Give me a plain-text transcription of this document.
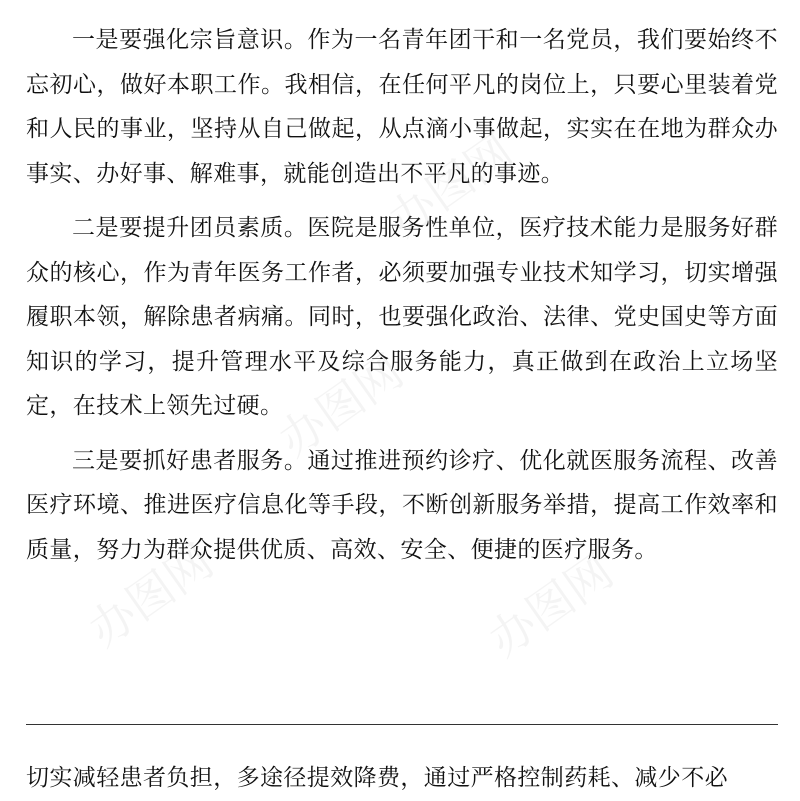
一是要强化宗旨意识。作为一名青年团干和一名党员，我们要始终不忘初心，做好本职工作。我相信，在任何平凡的岗位上，只要心里装着党和人民的事业，坚持从自己做起，从点滴小事做起，实实在在地为群众办事实、办好事、解难事，就能创造出不平凡的事迹。

二是要提升团员素质。医院是服务性单位，医疗技术能力是服务好群众的核心，作为青年医务工作者，必须要加强专业技术知学习，切实增强履职本领，解除患者病痛。同时，也要强化政治、法律、党史国史等方面知识的学习，提升管理水平及综合服务能力，真正做到在政治上立场坚定，在技术上领先过硬。

三是要抓好患者服务。通过推进预约诊疗、优化就医服务流程、改善医疗环境、推进医疗信息化等手段，不断创新服务举措，提高工作效率和质量，努力为群众提供优质、高效、安全、便捷的医疗服务。

切实减轻患者负担，多途径提效降费，通过严格控制药耗、减少不必

办图网
办图网
办图网
办图网
